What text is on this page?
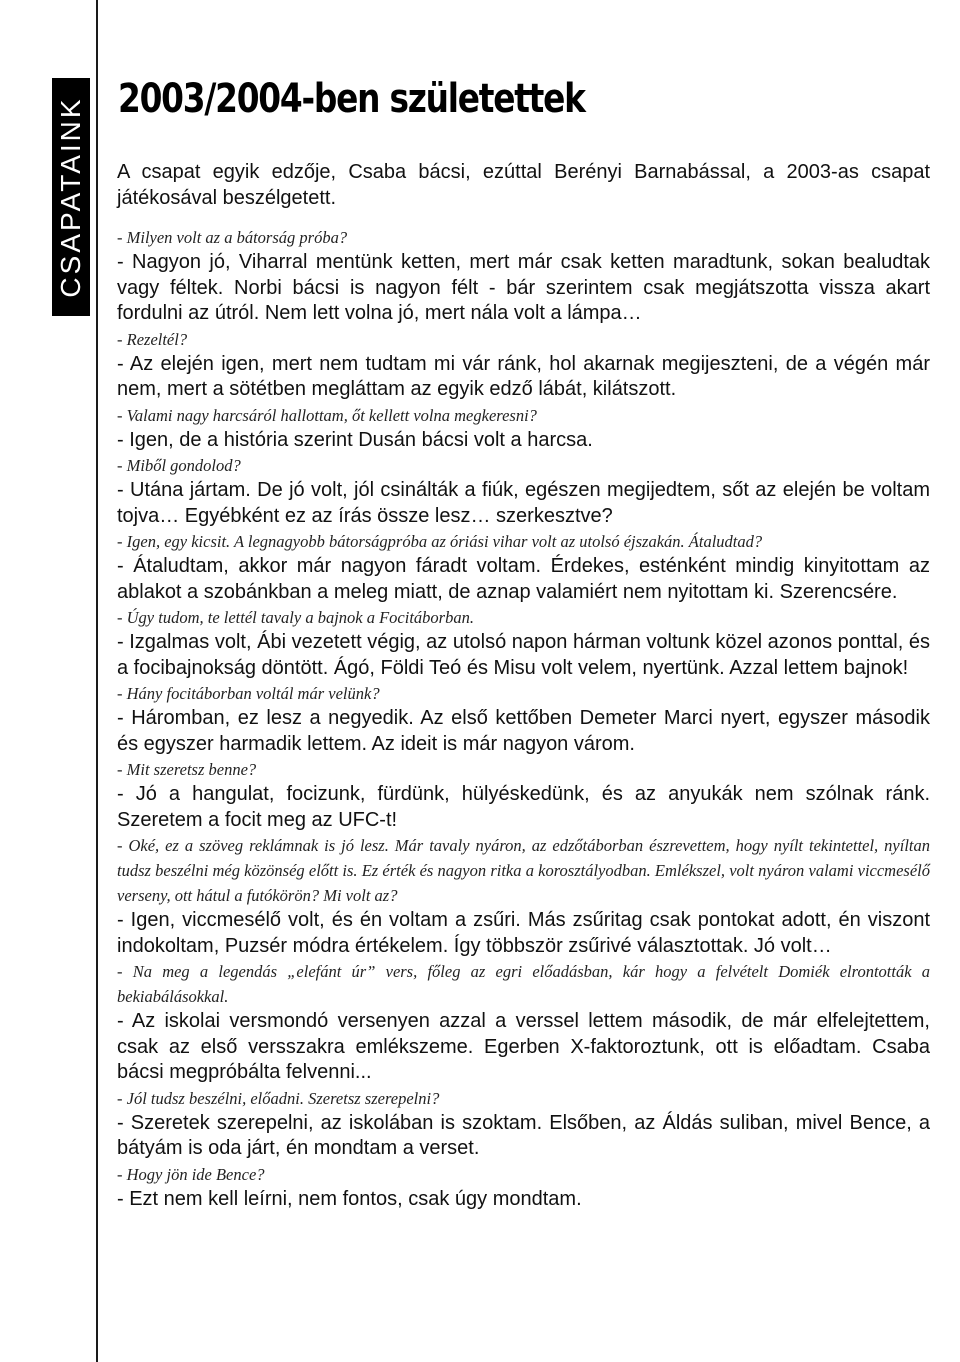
CSAPATAINK 2003/2004-ben születettek

A csapat egyik edzője, Csaba bácsi, ezúttal Berényi Barnabással, a 2003-as csapat játékosával beszélgetett.

- Milyen volt az a bátorság próba?

- Nagyon jó, Viharral mentünk ketten, mert már csak ketten maradtunk, sokan bealudtak vagy féltek. Norbi bácsi is nagyon félt - bár szerintem csak megjátszotta vissza akart fordulni az útról. Nem lett volna jó, mert nála volt a lámpa…

- Rezeltél?

- Az elején igen, mert nem tudtam mi vár ránk, hol akarnak megijeszteni, de a végén már nem, mert a sötétben megláttam az egyik edző lábát, kilátszott.

- Valami nagy harcsáról hallottam, őt kellett volna megkeresni?

- Igen, de a história szerint Dusán bácsi volt a harcsa.

- Miből gondolod?

- Utána jártam. De jó volt, jól csinálták a fiúk, egészen megijedtem, sőt az elején be voltam tojva… Egyébként ez az írás össze lesz… szerkesztve?

- Igen, egy kicsit. A legnagyobb bátorságpróba az óriási vihar volt az utolsó éjszakán. Átaludtad?

- Átaludtam, akkor már nagyon fáradt voltam. Érdekes, esténként mindig kinyitottam az ablakot a szobánkban a meleg miatt, de aznap valamiért nem nyitottam ki. Szerencsére.

- Úgy tudom, te lettél tavaly a bajnok a Focitáborban.

- Izgalmas volt, Ábi vezetett végig, az utolsó napon hárman voltunk közel azonos ponttal, és a focibajnokság döntött. Ágó, Földi Teó és Misu volt velem, nyertünk. Azzal lettem bajnok!

- Hány focitáborban voltál már velünk?

- Háromban, ez lesz a negyedik. Az első kettőben Demeter Marci nyert, egyszer második és egyszer harmadik lettem. Az ideit is már nagyon várom.

- Mit szeretsz benne?

- Jó a hangulat, focizunk, fürdünk, hülyéskedünk, és az anyukák nem szólnak ránk. Szeretem a focit meg az UFC-t!

- Oké, ez a szöveg reklámnak is jó lesz. Már tavaly nyáron, az edzőtáborban észrevettem, hogy nyílt tekintettel, nyíltan tudsz beszélni még közönség előtt is. Ez érték és nagyon ritka a korosztályodban. Emlékszel, volt nyáron valami viccmesélő verseny, ott hátul a futókörön? Mi volt az?

- Igen, viccmesélő volt, és én voltam a zsűri. Más zsűritag csak pontokat adott, én viszont indokoltam, Puzsér módra értékelem. Így többször zsűrivé választottak. Jó volt…

- Na meg a legendás „elefánt úr” vers, főleg az egri előadásban, kár hogy a felvételt Domiék elrontották a bekiabálásokkal.

- Az iskolai versmondó versenyen azzal a verssel lettem második, de már elfelejtettem, csak az első versszakra emlékszeme. Egerben X-faktoroztunk, ott is előadtam. Csaba bácsi megpróbálta felvenni...

- Jól tudsz beszélni, előadni. Szeretsz szerepelni?

- Szeretek szerepelni, az iskolában is szoktam. Elsőben, az Áldás suliban, mivel Bence, a bátyám is oda járt, én mondtam a verset.

- Hogy jön ide Bence?

- Ezt nem kell leírni, nem fontos, csak úgy mondtam.
